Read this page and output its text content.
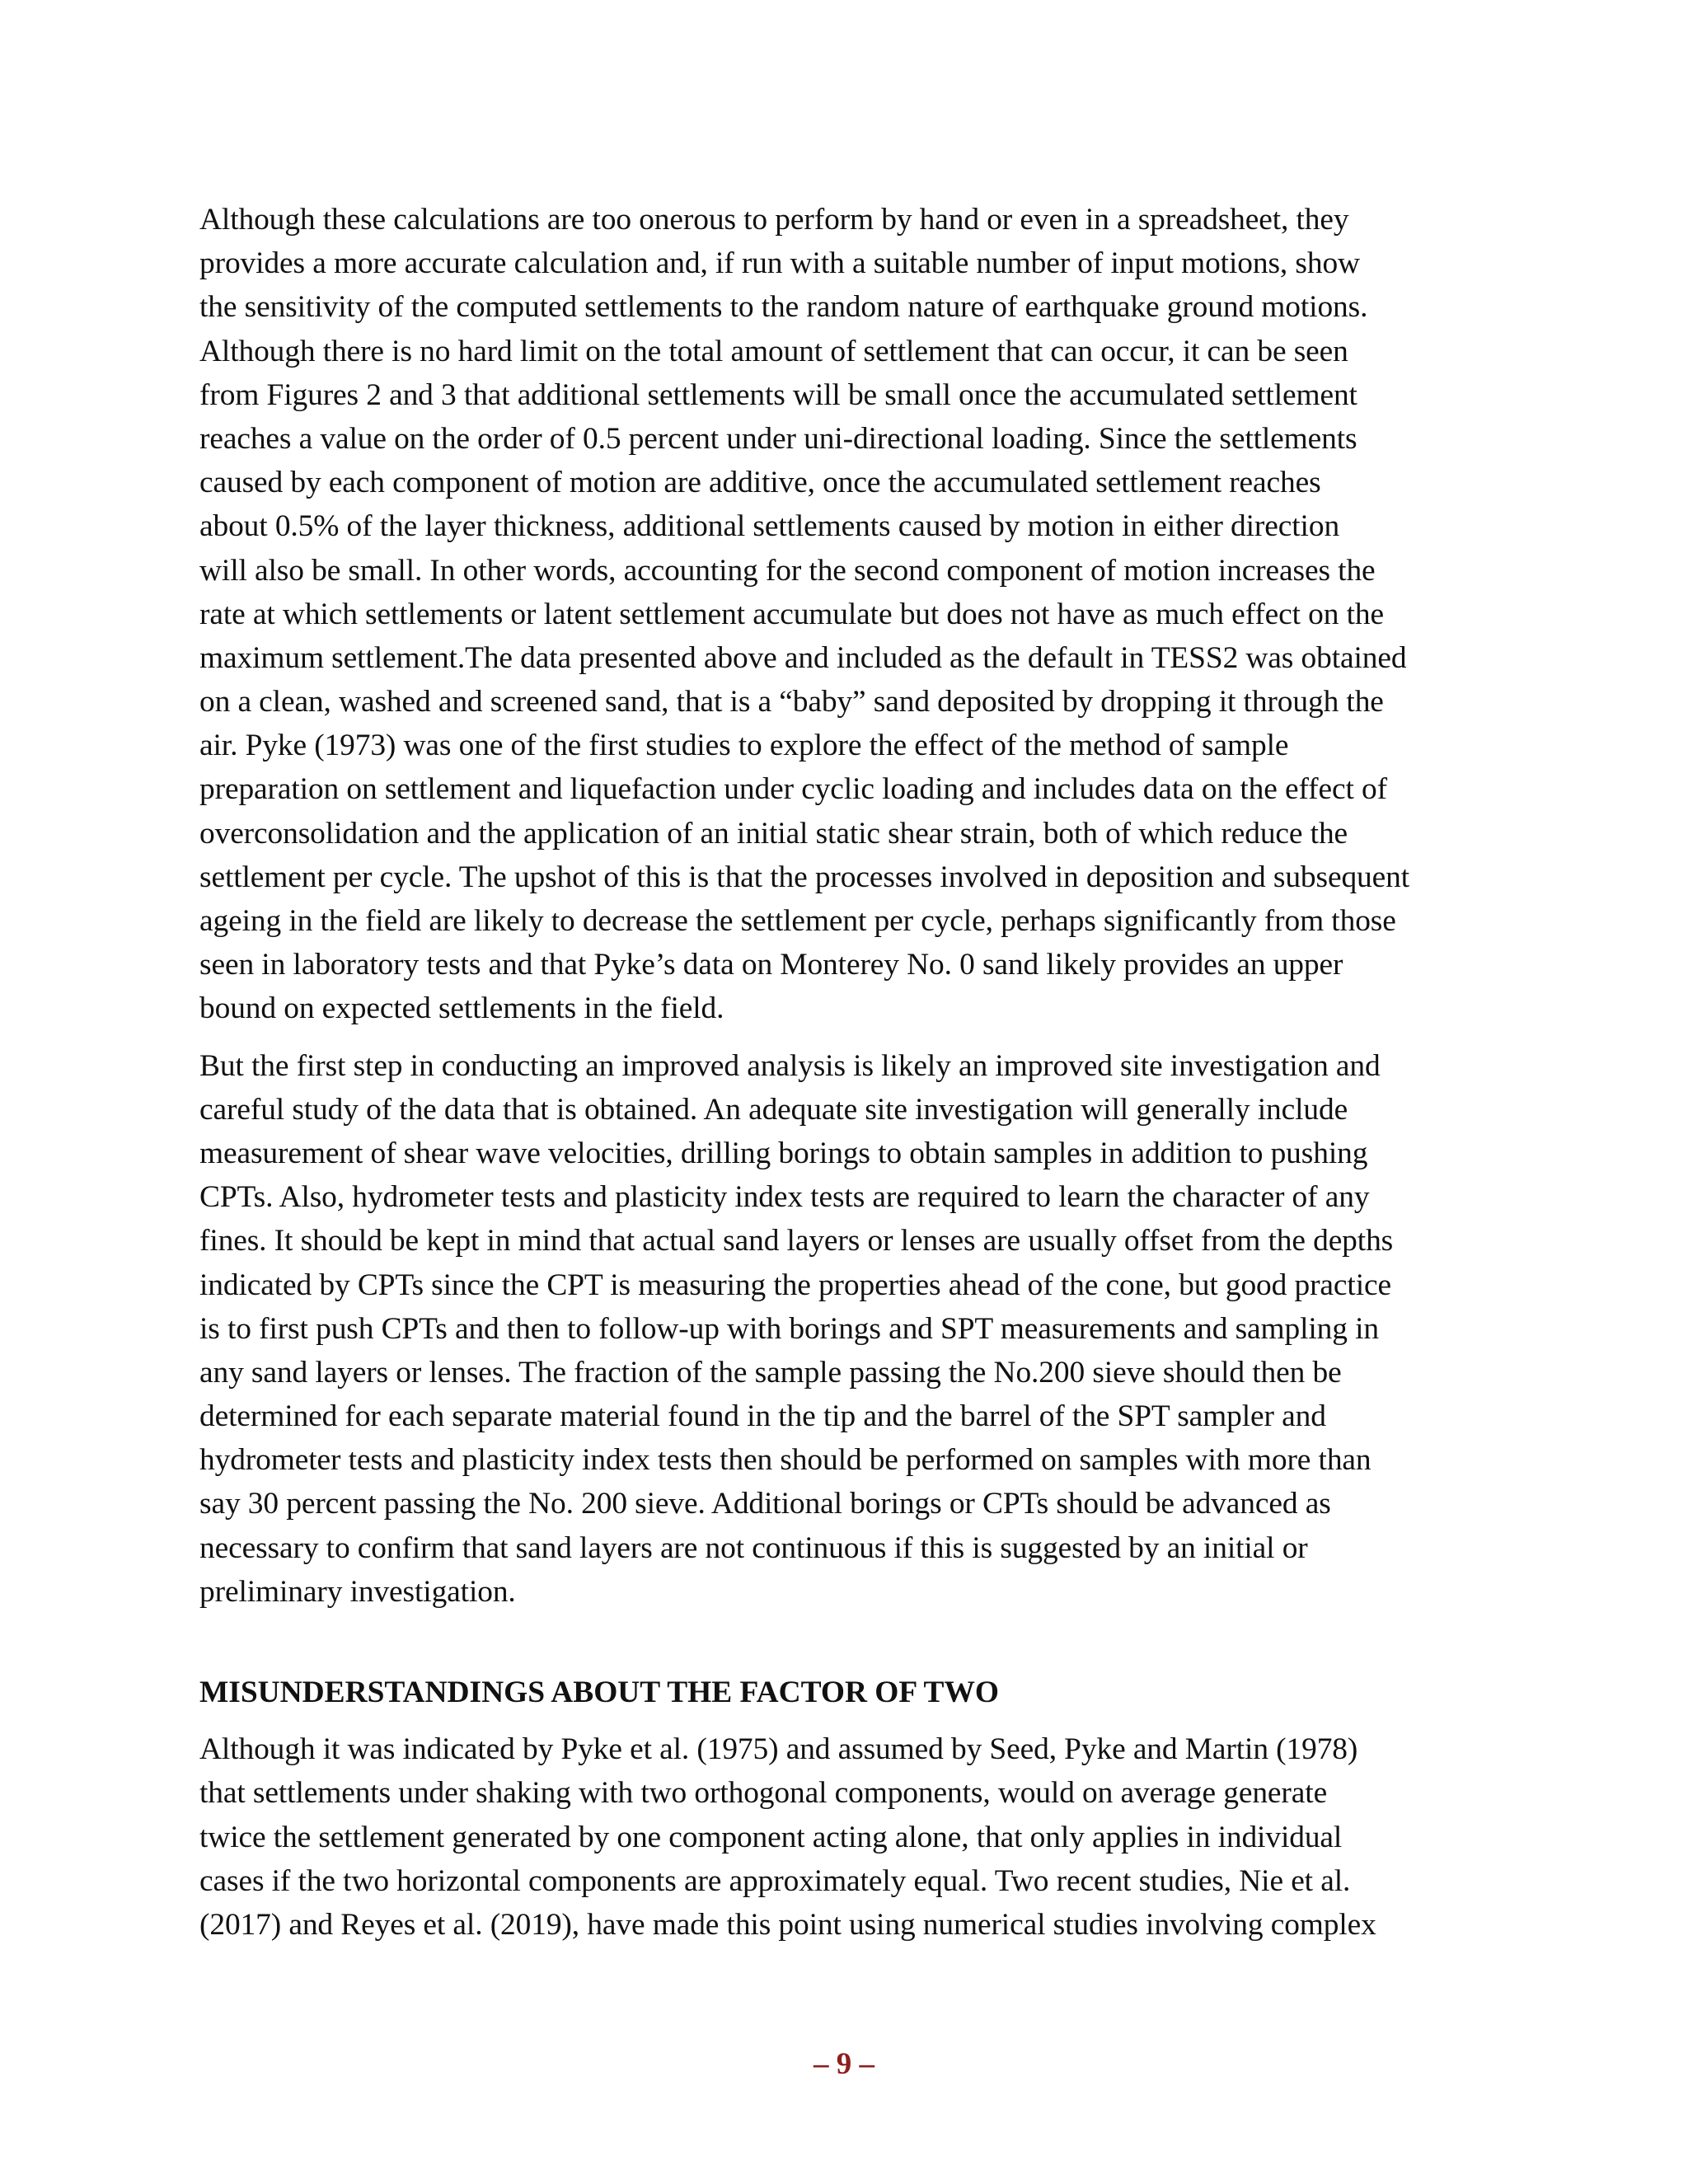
Although these calculations are too onerous to perform by hand or even in a spreadsheet, they
provides a more accurate calculation and, if run with a suitable number of input motions, show
the sensitivity of the computed settlements to the random nature of earthquake ground motions.
Although there is no hard limit on the total amount of settlement that can occur, it can be seen
from Figures 2 and 3 that additional settlements will be small once the accumulated settlement
reaches a value on the order of 0.5 percent under uni-directional loading. Since the settlements
caused by each component of motion are additive, once the accumulated settlement reaches
about 0.5% of the layer thickness, additional settlements caused by motion in either direction
will also be small. In other words, accounting for the second component of motion increases the
rate at which settlements or latent settlement accumulate but does not have as much effect on the
maximum settlement.The data presented above and included as the default in TESS2 was obtained
on a clean, washed and screened sand, that is a “baby” sand deposited by dropping it through the
air. Pyke (1973) was one of the first studies to explore the effect of the method of sample
preparation on settlement and liquefaction under cyclic loading and includes data on the effect of
overconsolidation and the application of an initial static shear strain, both of which reduce the
settlement per cycle. The upshot of this is that the processes involved in deposition and subsequent
ageing in the field are likely to decrease the settlement per cycle, perhaps significantly from those
seen in laboratory tests and that Pyke’s data on Monterey No. 0 sand likely provides an upper
bound on expected settlements in the field.

But the first step in conducting an improved analysis is likely an improved site investigation and
careful study of the data that is obtained. An adequate site investigation will generally include
measurement of shear wave velocities, drilling borings to obtain samples in addition to pushing
CPTs. Also, hydrometer tests and plasticity index tests are required to learn the character of any
fines. It should be kept in mind that actual sand layers or lenses are usually offset from the depths
indicated by CPTs since the CPT is measuring the properties ahead of the cone, but good practice
is to first push CPTs and then to follow-up with borings and SPT measurements and sampling in
any sand layers or lenses. The fraction of the sample passing the No.200 sieve should then be
determined for each separate material found in the tip and the barrel of the SPT sampler and
hydrometer tests and plasticity index tests then should be performed on samples with more than
say 30 percent passing the No. 200 sieve. Additional borings or CPTs should be advanced as
necessary to confirm that sand layers are not continuous if this is suggested by an initial or
preliminary investigation.

MISUNDERSTANDINGS ABOUT THE FACTOR OF TWO

Although it was indicated by Pyke et al. (1975) and assumed by Seed, Pyke and Martin (1978)
that settlements under shaking with two orthogonal components, would on average generate
twice the settlement generated by one component acting alone, that only applies in individual
cases if the two horizontal components are approximately equal. Two recent studies, Nie et al.
(2017) and Reyes et al. (2019), have made this point using numerical studies involving complex

– 9 –
